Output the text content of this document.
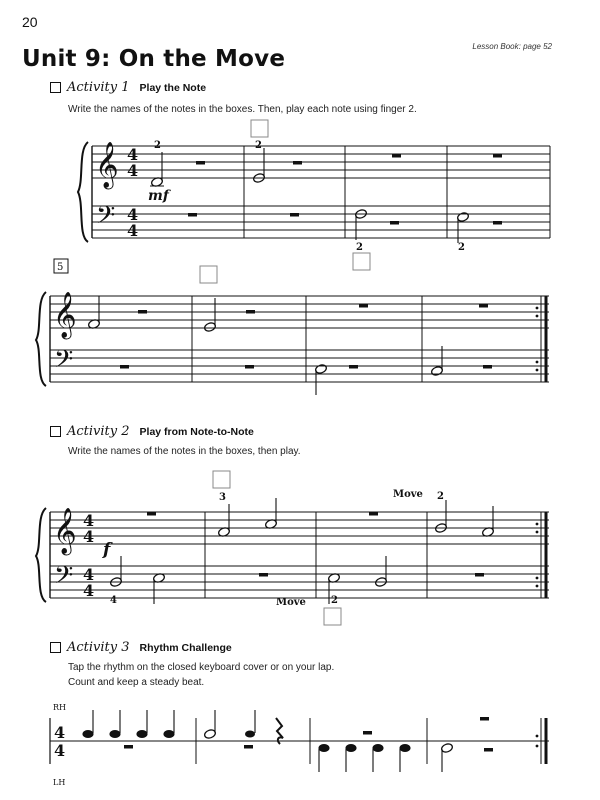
20
Lesson Book: page 52
Unit 9: On the Move
Activity 1 Play the Note
Write the names of the notes in the boxes. Then, play each note using finger 2.
𝄞
𝄢
4
4
4
4
2
mf
2
2	2
5
𝄞
𝄢
𝄞
𝄢
4
4
4
4
f
4
3	Move
Move	2
2
RH
LH
4
4
Activity 2 Play from Note-to-Note
Write the names of the notes in the boxes, then play.
Activity 3 Rhythm Challenge
Tap the rhythm on the closed keyboard cover or on your lap.
Count and keep a steady beat.
